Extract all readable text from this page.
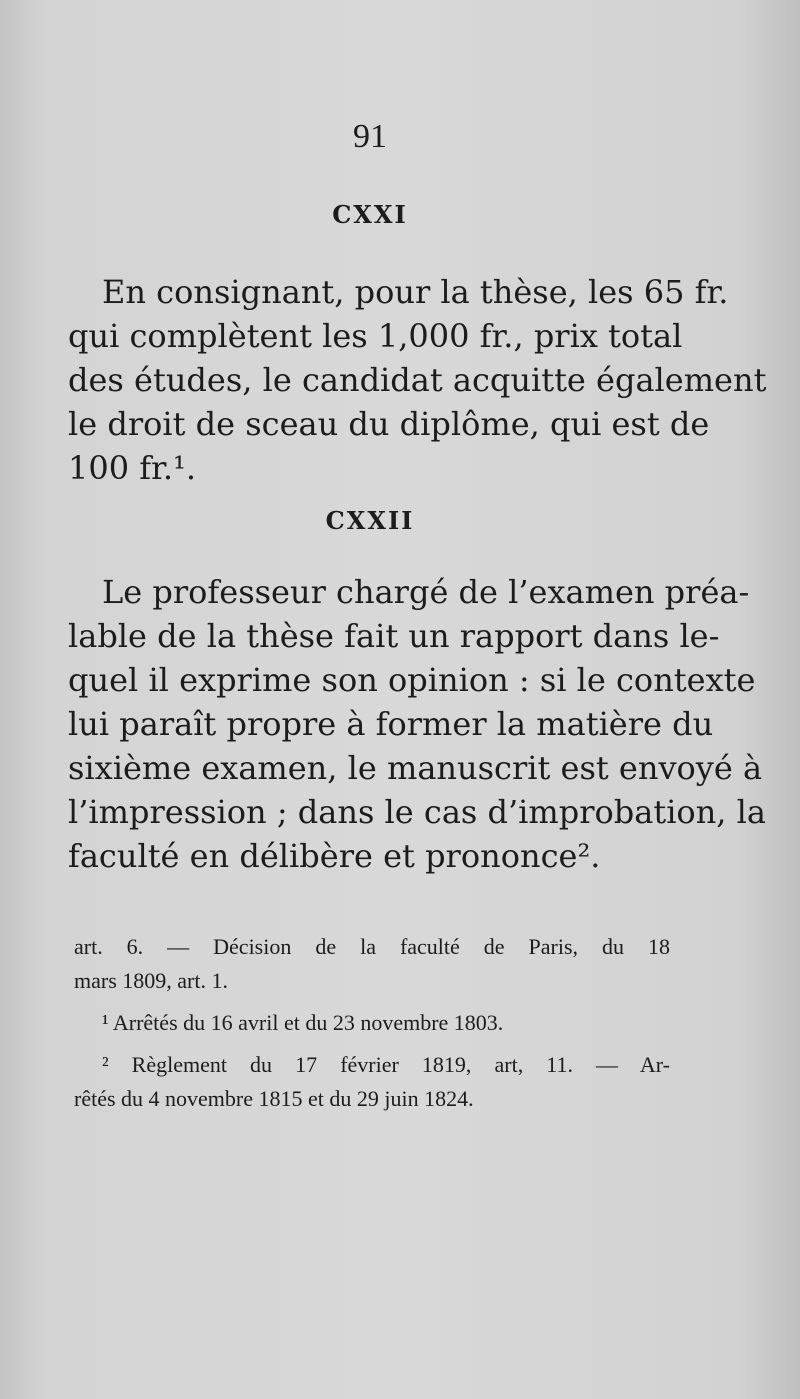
91
CXXI

En consignant, pour la thèse, les 65 fr.
qui complètent les 1,000 fr., prix total
des études, le candidat acquitte également
le droit de sceau du diplôme, qui est de
100 fr.¹.

CXXII

Le professeur chargé de l’examen préa-
lable de la thèse fait un rapport dans le-
quel il exprime son opinion : si le contexte
lui paraît propre à former la matière du
sixième examen, le manuscrit est envoyé à
l’impression ; dans le cas d’improbation, la
faculté en délibère et prononce².

art. 6. — Décision de la faculté de Paris, du 18
mars 1809, art. 1.
¹ Arrêtés du 16 avril et du 23 novembre 1803.
² Règlement du 17 février 1819, art, 11. — Ar-
rêtés du 4 novembre 1815 et du 29 juin 1824.
